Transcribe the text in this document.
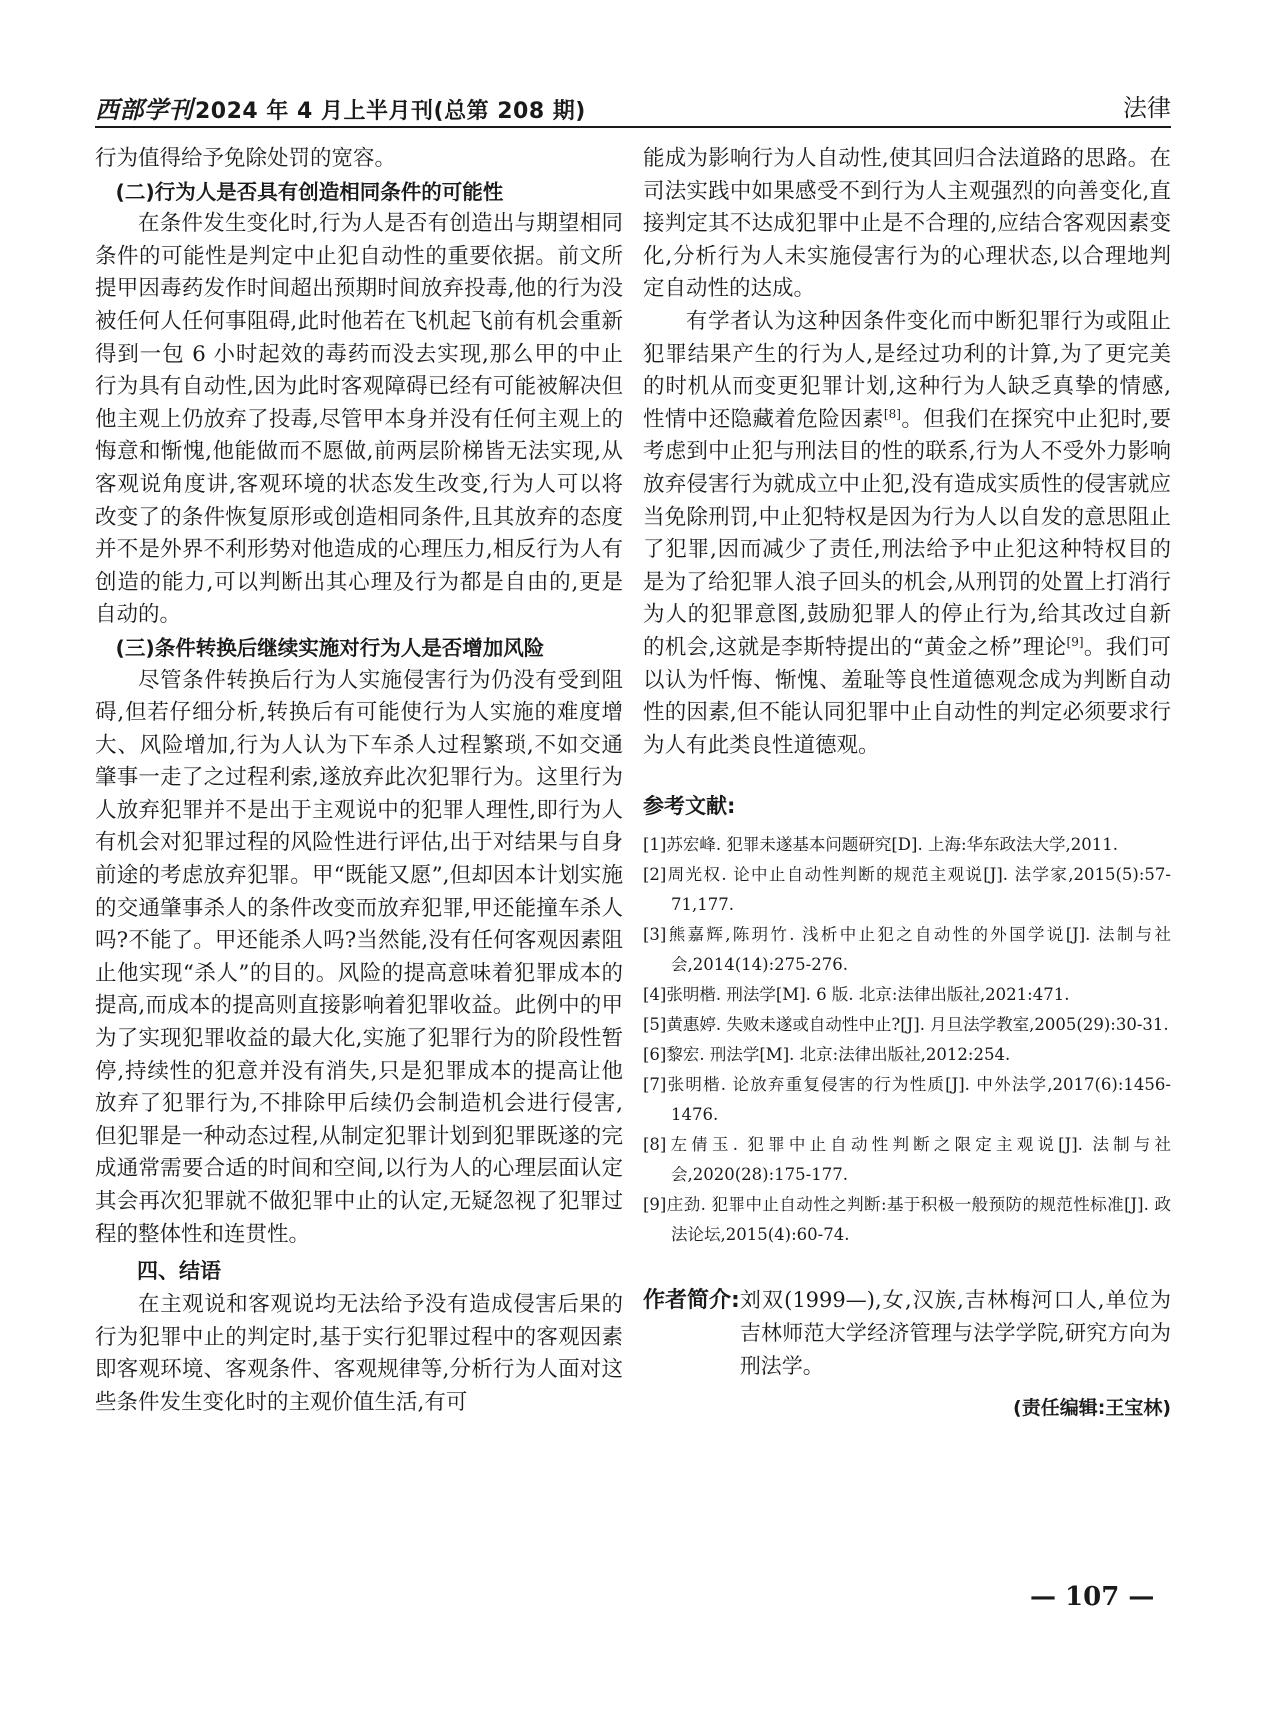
西部学刊2024 年 4 月上半月刊(总第 208 期)	法律

行为值得给予免除处罚的宽容。

(二)行为人是否具有创造相同条件的可能性

在条件发生变化时,行为人是否有创造出与期望相同条件的可能性是判定中止犯自动性的重要依据。前文所提甲因毒药发作时间超出预期时间放弃投毒,他的行为没被任何人任何事阻碍,此时他若在飞机起飞前有机会重新得到一包 6 小时起效的毒药而没去实现,那么甲的中止行为具有自动性,因为此时客观障碍已经有可能被解决但他主观上仍放弃了投毒,尽管甲本身并没有任何主观上的悔意和惭愧,他能做而不愿做,前两层阶梯皆无法实现,从客观说角度讲,客观环境的状态发生改变,行为人可以将改变了的条件恢复原形或创造相同条件,且其放弃的态度并不是外界不利形势对他造成的心理压力,相反行为人有创造的能力,可以判断出其心理及行为都是自由的,更是自动的。

(三)条件转换后继续实施对行为人是否增加风险

尽管条件转换后行为人实施侵害行为仍没有受到阻碍,但若仔细分析,转换后有可能使行为人实施的难度增大、风险增加,行为人认为下车杀人过程繁琐,不如交通肇事一走了之过程利索,遂放弃此次犯罪行为。这里行为人放弃犯罪并不是出于主观说中的犯罪人理性,即行为人有机会对犯罪过程的风险性进行评估,出于对结果与自身前途的考虑放弃犯罪。甲“既能又愿”,但却因本计划实施的交通肇事杀人的条件改变而放弃犯罪,甲还能撞车杀人吗?不能了。甲还能杀人吗?当然能,没有任何客观因素阻止他实现“杀人”的目的。风险的提高意味着犯罪成本的提高,而成本的提高则直接影响着犯罪收益。此例中的甲为了实现犯罪收益的最大化,实施了犯罪行为的阶段性暂停,持续性的犯意并没有消失,只是犯罪成本的提高让他放弃了犯罪行为,不排除甲后续仍会制造机会进行侵害,但犯罪是一种动态过程,从制定犯罪计划到犯罪既遂的完成通常需要合适的时间和空间,以行为人的心理层面认定其会再次犯罪就不做犯罪中止的认定,无疑忽视了犯罪过程的整体性和连贯性。

四、结语

在主观说和客观说均无法给予没有造成侵害后果的行为犯罪中止的判定时,基于实行犯罪过程中的客观因素即客观环境、客观条件、客观规律等,分析行为人面对这些条件发生变化时的主观价值生活,有可

能成为影响行为人自动性,使其回归合法道路的思路。在司法实践中如果感受不到行为人主观强烈的向善变化,直接判定其不达成犯罪中止是不合理的,应结合客观因素变化,分析行为人未实施侵害行为的心理状态,以合理地判定自动性的达成。

有学者认为这种因条件变化而中断犯罪行为或阻止犯罪结果产生的行为人,是经过功利的计算,为了更完美的时机从而变更犯罪计划,这种行为人缺乏真挚的情感,性情中还隐藏着危险因素[8]。但我们在探究中止犯时,要考虑到中止犯与刑法目的性的联系,行为人不受外力影响放弃侵害行为就成立中止犯,没有造成实质性的侵害就应当免除刑罚,中止犯特权是因为行为人以自发的意思阻止了犯罪,因而减少了责任,刑法给予中止犯这种特权目的是为了给犯罪人浪子回头的机会,从刑罚的处置上打消行为人的犯罪意图,鼓励犯罪人的停止行为,给其改过自新的机会,这就是李斯特提出的“黄金之桥”理论[9]。我们可以认为忏悔、惭愧、羞耻等良性道德观念成为判断自动性的因素,但不能认同犯罪中止自动性的判定必须要求行为人有此类良性道德观。

参考文献:

[1]苏宏峰. 犯罪未遂基本问题研究[D]. 上海:华东政法大学,2011.

[2]周光权. 论中止自动性判断的规范主观说[J]. 法学家,2015(5):57-71,177.

[3]熊嘉辉,陈玥竹. 浅析中止犯之自动性的外国学说[J]. 法制与社会,2014(14):275-276.

[4]张明楷. 刑法学[M]. 6 版. 北京:法律出版社,2021:471.

[5]黄惠婷. 失败未遂或自动性中止?[J]. 月旦法学教室,2005(29):30-31.

[6]黎宏. 刑法学[M]. 北京:法律出版社,2012:254.

[7]张明楷. 论放弃重复侵害的行为性质[J]. 中外法学,2017(6):1456-1476.

[8]左倩玉. 犯罪中止自动性判断之限定主观说[J]. 法制与社会,2020(28):175-177.

[9]庄劲. 犯罪中止自动性之判断:基于积极一般预防的规范性标准[J]. 政法论坛,2015(4):60-74.

作者简介: 刘双(1999—),女,汉族,吉林梅河口人,单位为吉林师范大学经济管理与法学学院,研究方向为刑法学。
(责任编辑:王宝林)
— 107 —
